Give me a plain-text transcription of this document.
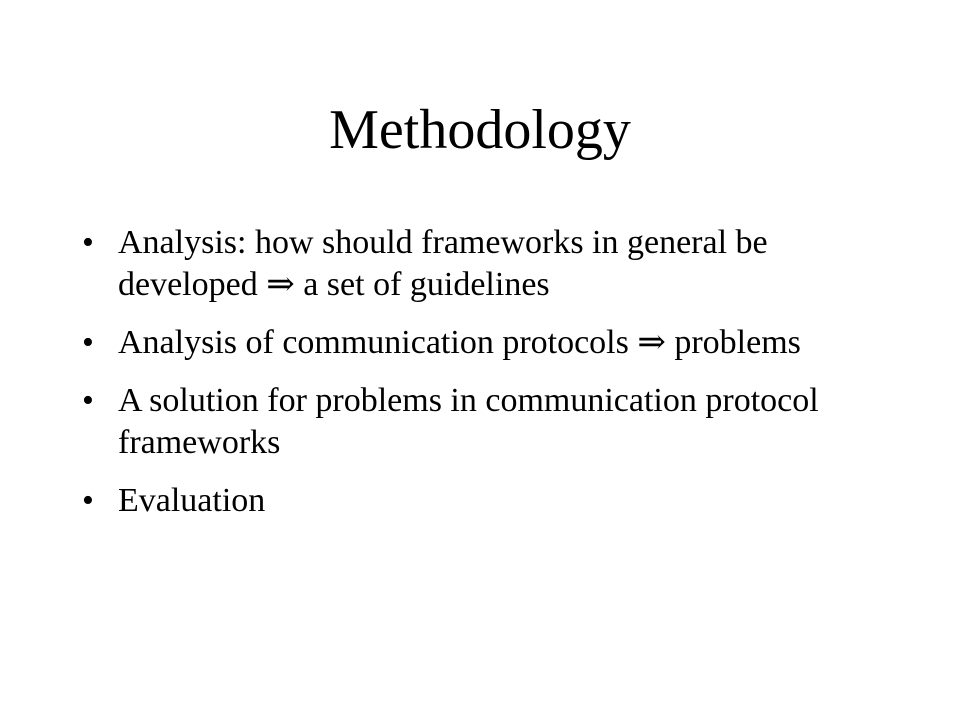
Methodology
• Analysis: how should frameworks in general be developed ⇒ a set of guidelines
• Analysis of communication protocols ⇒ problems
• A solution for problems in communication protocol frameworks
• Evaluation
